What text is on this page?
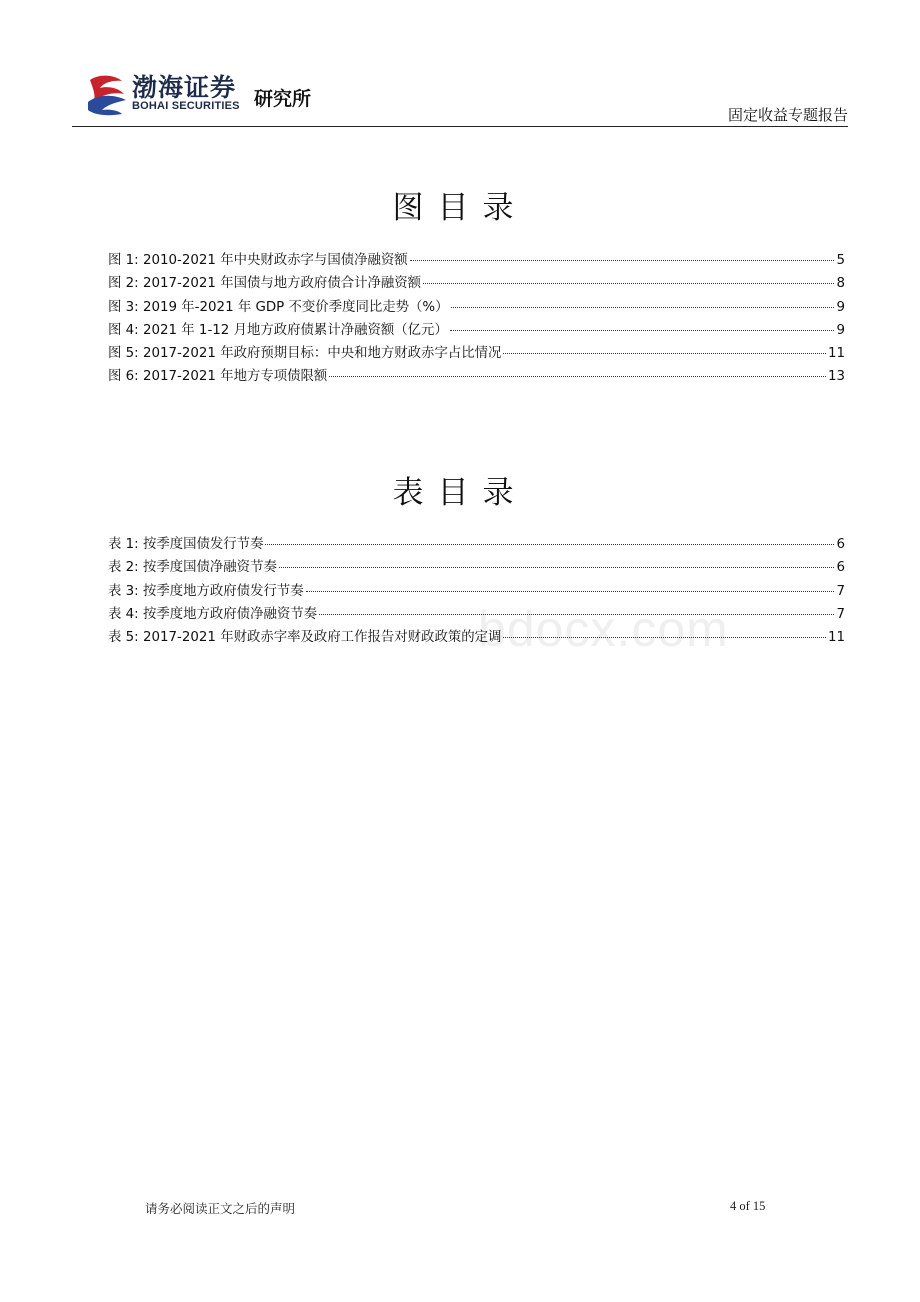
渤海证券
BOHAI SECURITIES 研究所
固定收益专题报告
bdocx.com
图目录
图 1: 2010-2021 年中央财政赤字与国债净融资额	5
图 2: 2017-2021 年国债与地方政府债合计净融资额	8
图 3: 2019 年-2021 年 GDP 不变价季度同比走势（%）	9
图 4: 2021 年 1-12 月地方政府债累计净融资额（亿元）	9
图 5: 2017-2021 年政府预期目标：中央和地方财政赤字占比情况	11
图 6: 2017-2021 年地方专项债限额	13
表目录
表 1: 按季度国债发行节奏	6
表 2: 按季度国债净融资节奏	6
表 3: 按季度地方政府债发行节奏	7
表 4: 按季度地方政府债净融资节奏	7
表 5: 2017-2021 年财政赤字率及政府工作报告对财政政策的定调	11
请务必阅读正文之后的声明	4 of 15
